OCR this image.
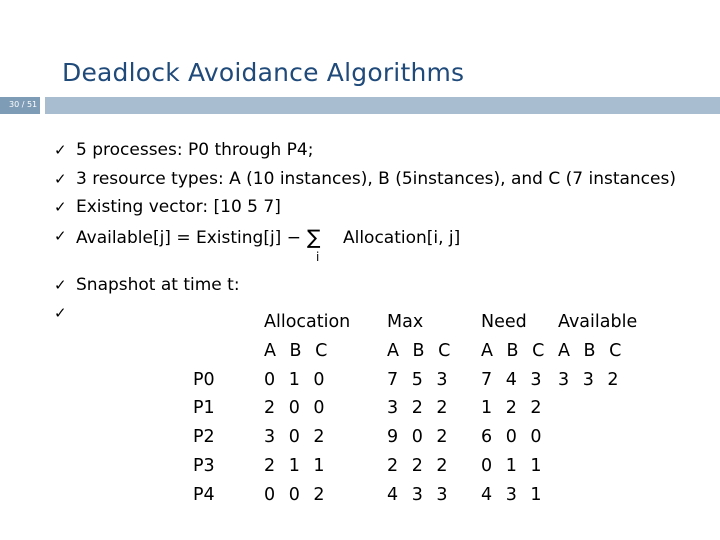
Deadlock Avoidance Algorithms
30 / 51
✓ 5 processes: P0 through P4;
✓ 3 resource types: A (10 instances), B (5instances), and C (7 instances)
✓ Existing vector: [10 5 7]
✓ Available[j] = Existing[j] − ∑
i
Allocation[i, j]
✓ Snapshot at time t:
✓
P0
P1
P2
P3
P4
Allocation
A B C
0 1 0
2 0 0
3 0 2
2 1 1
0 0 2
Max
A B C
7 5 3
3 2 2
9 0 2
2 2 2
4 3 3
Need
A B C
7 4 3
1 2 2
6 0 0
0 1 1
4 3 1
Available
A B C
3 3 2
